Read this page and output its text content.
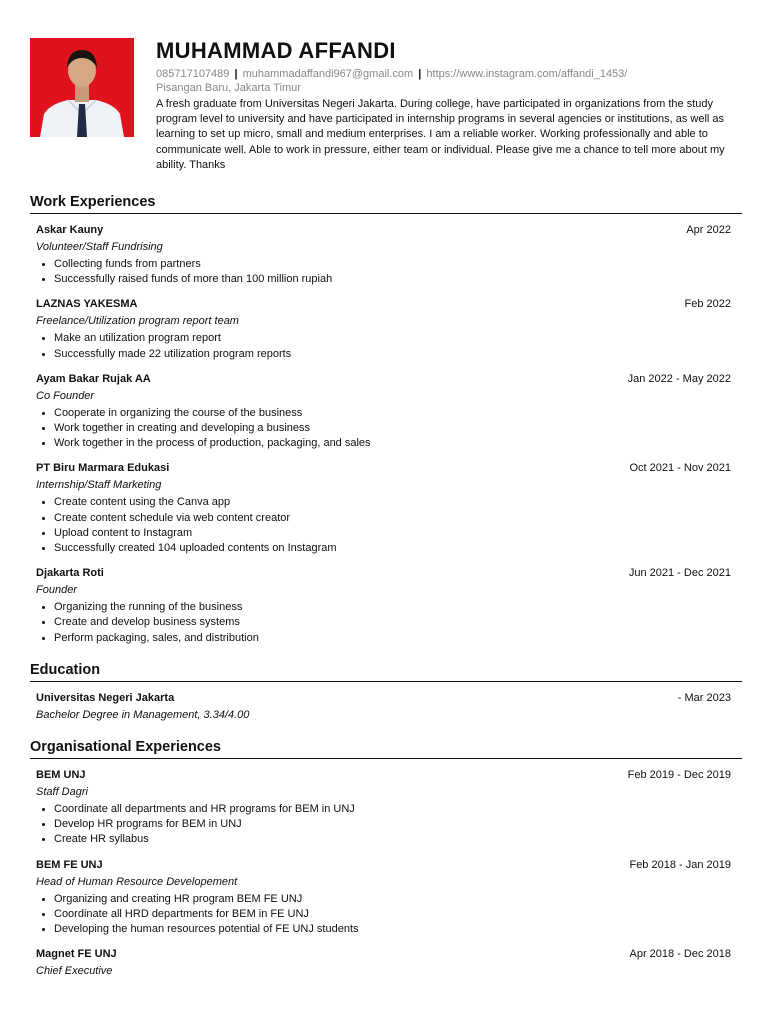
MUHAMMAD AFFANDI
085717107489 | muhammadaffandi967@gmail.com | https://www.instagram.com/affandi_1453/
Pisangan Baru, Jakarta Timur
A fresh graduate from Universitas Negeri Jakarta. During college, have participated in organizations from the study program level to university and have participated in internship programs in several agencies or institutions, as well as learning to set up micro, small and medium enterprises. I am a reliable worker. Working professionally and able to communicate well. Able to work in pressure, either team or individual. Please give me a chance to tell more about my ability. Thanks
Work Experiences
Askar Kauny	Apr 2022
Volunteer/Staff Fundrising
Collecting funds from partners
Successfully raised funds of more than 100 million rupiah
LAZNAS YAKESMA	Feb 2022
Freelance/Utilization program report team
Make an utilization program report
Successfully made 22 utilization program reports
Ayam Bakar Rujak AA	Jan 2022 - May 2022
Co Founder
Cooperate in organizing the course of the business
Work together in creating and developing a business
Work together in the process of production, packaging, and sales
PT Biru Marmara Edukasi	Oct 2021 - Nov 2021
Internship/Staff Marketing
Create content using the Canva app
Create content schedule via web content creator
Upload content to Instagram
Successfully created 104 uploaded contents on Instagram
Djakarta Roti	Jun 2021 - Dec 2021
Founder
Organizing the running of the business
Create and develop business systems
Perform packaging, sales, and distribution
Education
Universitas Negeri Jakarta	- Mar 2023
Bachelor Degree in Management, 3.34/4.00
Organisational Experiences
BEM UNJ	Feb 2019 - Dec 2019
Staff Dagri
Coordinate all departments and HR programs for BEM in UNJ
Develop HR programs for BEM in UNJ
Create HR syllabus
BEM FE UNJ	Feb 2018 - Jan 2019
Head of Human Resource Developement
Organizing and creating HR program BEM FE UNJ
Coordinate all HRD departments for BEM in FE UNJ
Developing the human resources potential of FE UNJ students
Magnet FE UNJ	Apr 2018 - Dec 2018
Chief Executive
